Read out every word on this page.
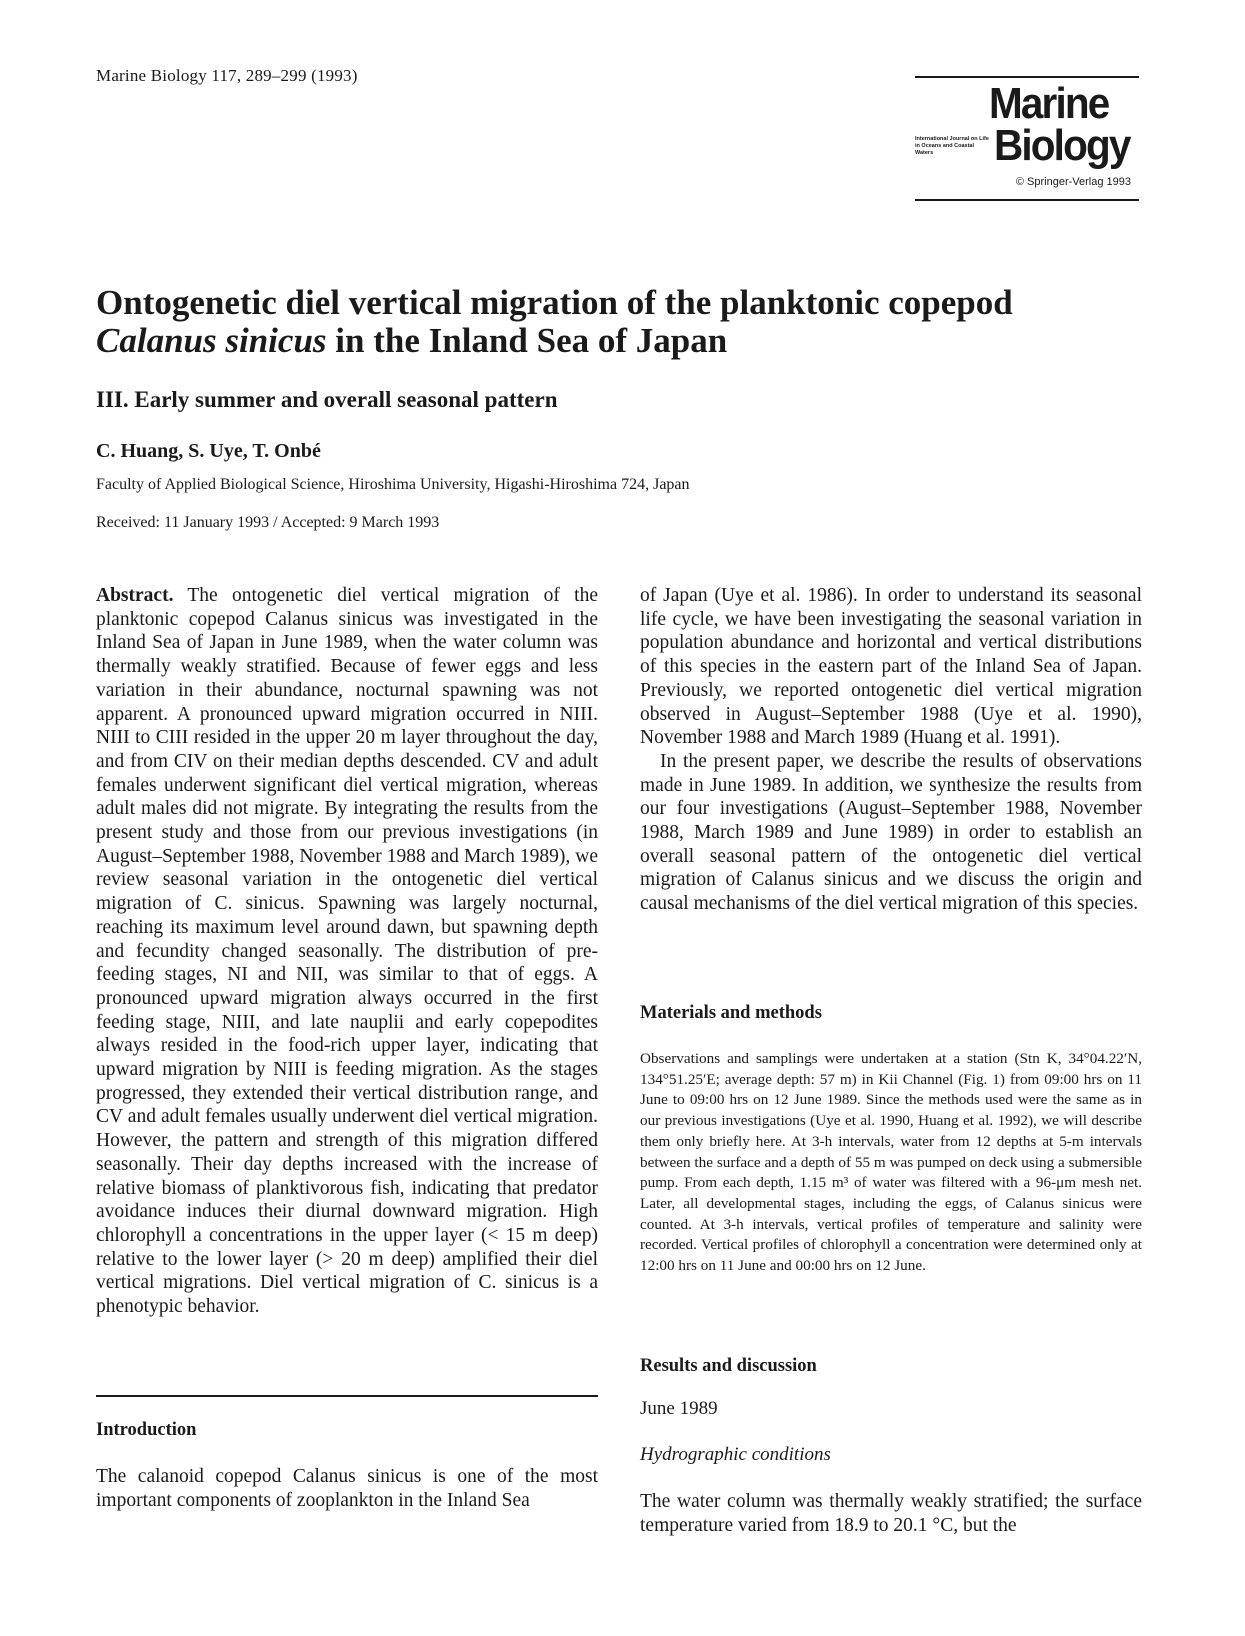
Marine Biology 117, 289–299 (1993)
Marine
International Journal on Life in Oceans and Coastal Waters	Biology
© Springer-Verlag 1993
Ontogenetic diel vertical migration of the planktonic copepod
Calanus sinicus in the Inland Sea of Japan
III. Early summer and overall seasonal pattern
C. Huang, S. Uye, T. Onbé
Faculty of Applied Biological Science, Hiroshima University, Higashi-Hiroshima 724, Japan
Received: 11 January 1993 / Accepted: 9 March 1993

Abstract. The ontogenetic diel vertical migration of the planktonic copepod Calanus sinicus was investigated in the Inland Sea of Japan in June 1989, when the water column was thermally weakly stratified. Because of fewer eggs and less variation in their abundance, nocturnal spawning was not apparent. A pronounced upward migration occurred in NIII. NIII to CIII resided in the upper 20 m layer throughout the day, and from CIV on their median depths descended. CV and adult females underwent significant diel vertical migration, whereas adult males did not migrate. By integrating the results from the present study and those from our previous investigations (in August–September 1988, November 1988 and March 1989), we review seasonal variation in the ontogenetic diel vertical migration of C. sinicus. Spawning was largely nocturnal, reaching its maximum level around dawn, but spawning depth and fecundity changed seasonally. The distribution of pre-feeding stages, NI and NII, was similar to that of eggs. A pronounced upward migration always occurred in the first feeding stage, NIII, and late nauplii and early copepodites always resided in the food-rich upper layer, indicating that upward migration by NIII is feeding migration. As the stages progressed, they extended their vertical distribution range, and CV and adult females usually underwent diel vertical migration. However, the pattern and strength of this migration differed seasonally. Their day depths increased with the increase of relative biomass of planktivorous fish, indicating that predator avoidance induces their diurnal downward migration. High chlorophyll a concentrations in the upper layer (< 15 m deep) relative to the lower layer (> 20 m deep) amplified their diel vertical migrations. Diel vertical migration of C. sinicus is a phenotypic behavior.

Introduction

The calanoid copepod Calanus sinicus is one of the most important components of zooplankton in the Inland Sea

of Japan (Uye et al. 1986). In order to understand its seasonal life cycle, we have been investigating the seasonal variation in population abundance and horizontal and vertical distributions of this species in the eastern part of the Inland Sea of Japan. Previously, we reported ontogenetic diel vertical migration observed in August–September 1988 (Uye et al. 1990), November 1988 and March 1989 (Huang et al. 1991).

In the present paper, we describe the results of observations made in June 1989. In addition, we synthesize the results from our four investigations (August–September 1988, November 1988, March 1989 and June 1989) in order to establish an overall seasonal pattern of the ontogenetic diel vertical migration of Calanus sinicus and we discuss the origin and causal mechanisms of the diel vertical migration of this species.

Materials and methods

Observations and samplings were undertaken at a station (Stn K, 34°04.22′N, 134°51.25′E; average depth: 57 m) in Kii Channel (Fig. 1) from 09:00 hrs on 11 June to 09:00 hrs on 12 June 1989. Since the methods used were the same as in our previous investigations (Uye et al. 1990, Huang et al. 1992), we will describe them only briefly here. At 3-h intervals, water from 12 depths at 5-m intervals between the surface and a depth of 55 m was pumped on deck using a submersible pump. From each depth, 1.15 m³ of water was filtered with a 96-μm mesh net. Later, all developmental stages, including the eggs, of Calanus sinicus were counted. At 3-h intervals, vertical profiles of temperature and salinity were recorded. Vertical profiles of chlorophyll a concentration were determined only at 12:00 hrs on 11 June and 00:00 hrs on 12 June.

Results and discussion
June 1989
Hydrographic conditions

The water column was thermally weakly stratified; the surface temperature varied from 18.9 to 20.1 °C, but the
